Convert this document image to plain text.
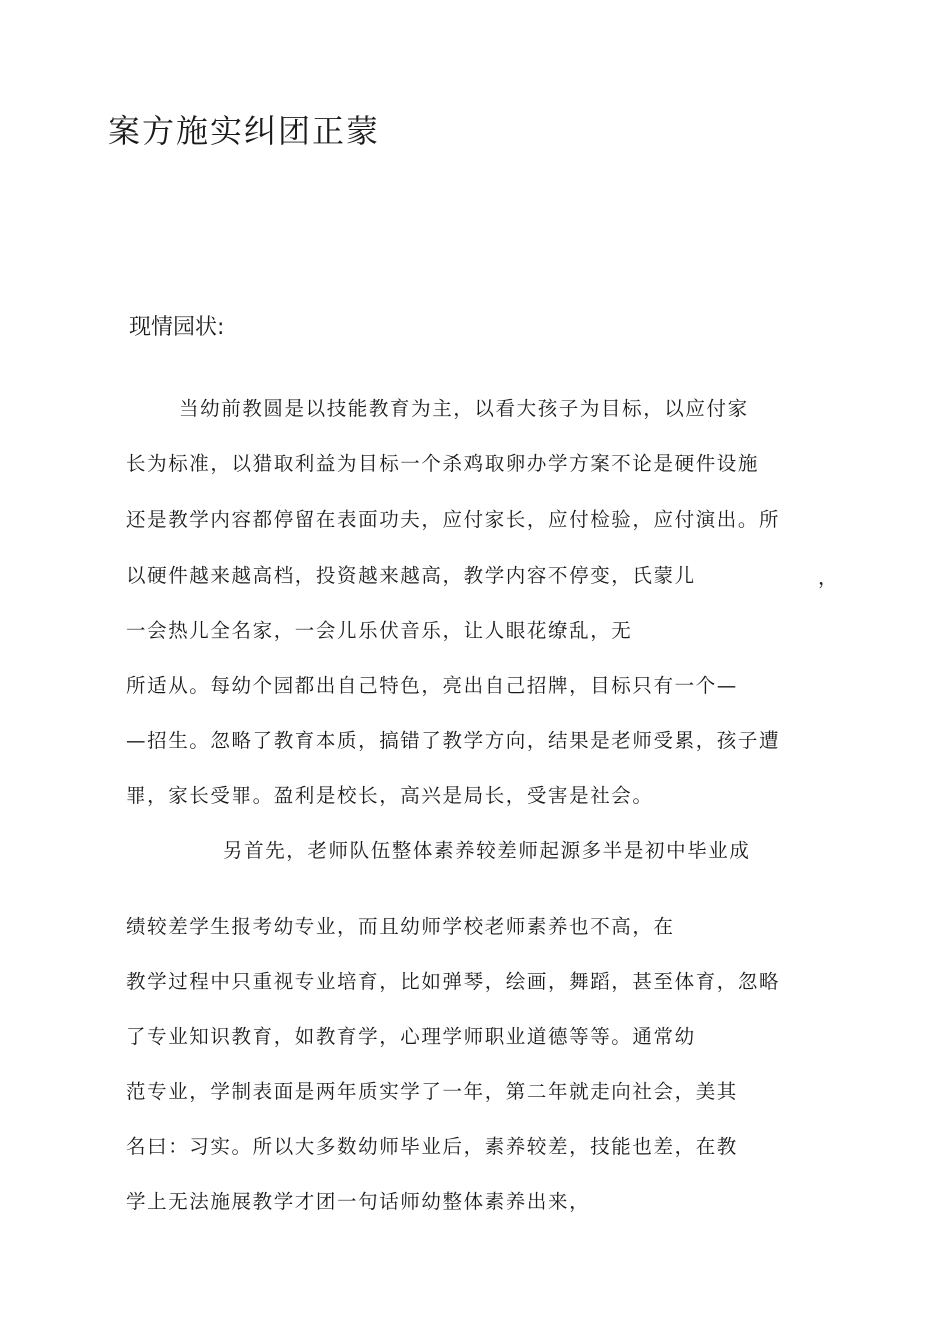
案方施实纠团正蒙
现情园状:
当幼前教圆是以技能教育为主，以看大孩子为目标，以应付家
长为标准，以猎取利益为目标一个杀鸡取卵办学方案不论是硬件设施
还是教学内容都停留在表面功夫，应付家长，应付检验，应付演出。所
以硬件越来越高档，投资越来越高，教学内容不停变，氏蒙儿	，
一会热儿全名家，一会儿乐伏音乐，让人眼花缭乱，无
所适从。每幼个园都出自己特色，亮出自己招牌，目标只有一个—
—招生。忽略了教育本质，搞错了教学方向，结果是老师受累，孩子遭
罪，家长受罪。盈利是校长，高兴是局长，受害是社会。
另首先，老师队伍整体素养较差师起源多半是初中毕业成
绩较差学生报考幼专业，而且幼师学校老师素养也不高，在
教学过程中只重视专业培育，比如弹琴，绘画，舞蹈，甚至体育，忽略
了专业知识教育，如教育学，心理学师职业道德等等。通常幼
范专业，学制表面是两年质实学了一年，第二年就走向社会，美其
名曰：习实。所以大多数幼师毕业后，素养较差，技能也差，在教
学上无法施展教学才团一句话师幼整体素养出来，
